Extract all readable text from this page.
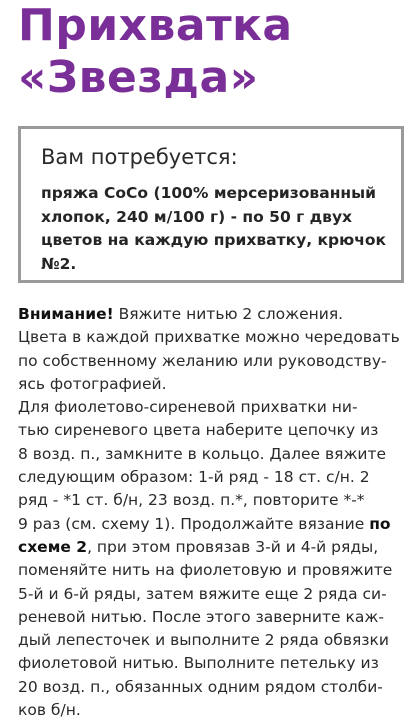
Прихватка
«Звезда»
Вам потребуется:
пряжа CoCo (100% мерсеризованный
хлопок, 240 м/100 г) - по 50 г двух
цветов на каждую прихватку, крючок
№2.
Внимание! Вяжите нитью 2 сложения.
Цвета в каждой прихватке можно чередовать
по собственному желанию или руководству-
ясь фотографией.
Для фиолетово-сиреневой прихватки ни-
тью сиреневого цвета наберите цепочку из
8 возд. п., замкните в кольцо. Далее вяжите
следующим образом: 1-й ряд - 18 ст. с/н. 2
ряд - *1 ст. б/н, 23 возд. п.*, повторите *-*
9 раз (см. схему 1). Продолжайте вязание по
схеме 2, при этом провязав 3-й и 4-й ряды,
поменяйте нить на фиолетовую и провяжите
5-й и 6-й ряды, затем вяжите еще 2 ряда си-
реневой нитью. После этого заверните каж-
дый лепесточек и выполните 2 ряда обвязки
фиолетовой нитью. Выполните петельку из
20 возд. п., обязанных одним рядом столби-
ков б/н.
